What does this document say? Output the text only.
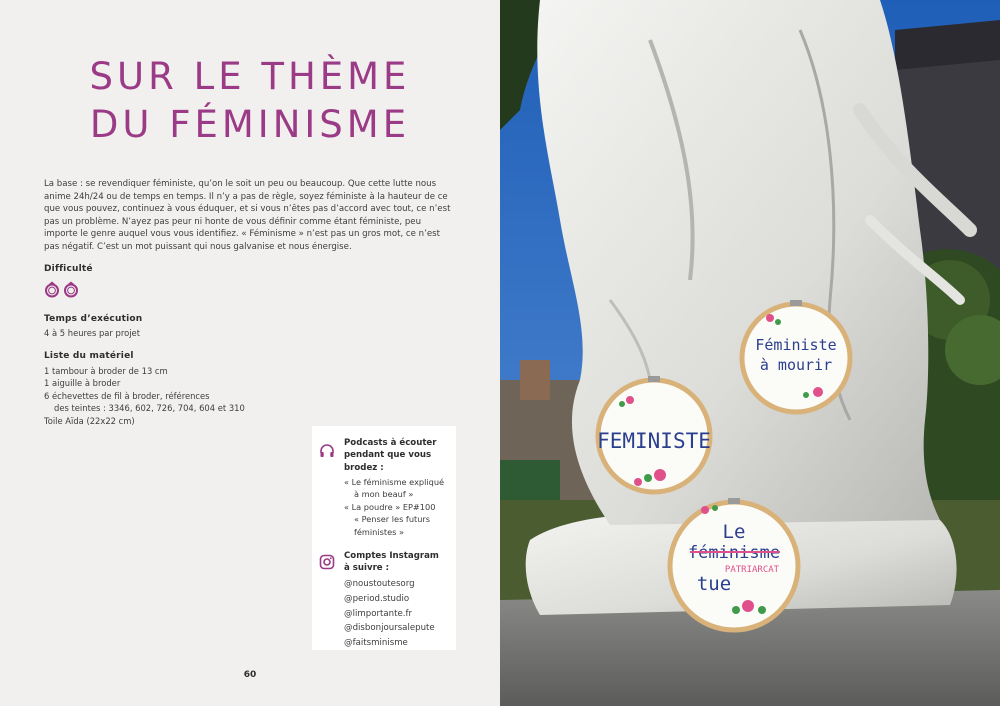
SUR LE THÈME
DU FÉMINISME

La base : se revendiquer féministe, qu’on le soit un peu ou beaucoup. Que cette lutte nous anime 24h/24 ou de temps en temps. Il n’y a pas de règle, soyez féministe à la hauteur de ce que vous pouvez, continuez à vous éduquer, et si vous n’êtes pas d’accord avec tout, ce n’est pas un problème. N’ayez pas peur ni honte de vous définir comme étant féministe, peu importe le genre auquel vous vous identifiez. « Féminisme » n’est pas un gros mot, ce n’est pas négatif. C’est un mot puissant qui nous galvanise et nous énergise.

Difficulté
Temps d’exécution
4 à 5 heures par projet
Liste du matériel
1 tambour à broder de 13 cm
1 aiguille à broder
6 échevettes de fil à broder, références
des teintes : 3346, 602, 726, 704, 604 et 310
Toile Aïda (22x22 cm)
Podcasts à écouter
pendant que vous
brodez :
« Le féminisme expliqué
à mon beauf »
« La poudre » EP#100
« Penser les futurs
féministes »
Comptes Instagram
à suivre :
@noustoutesorg
@period.studio
@limportante.fr
@disbonjoursalepute
@faitsminisme
60
Féministe
à mourir
FEMINISTE
Le
féminisme
PATRIARCAT
tue
